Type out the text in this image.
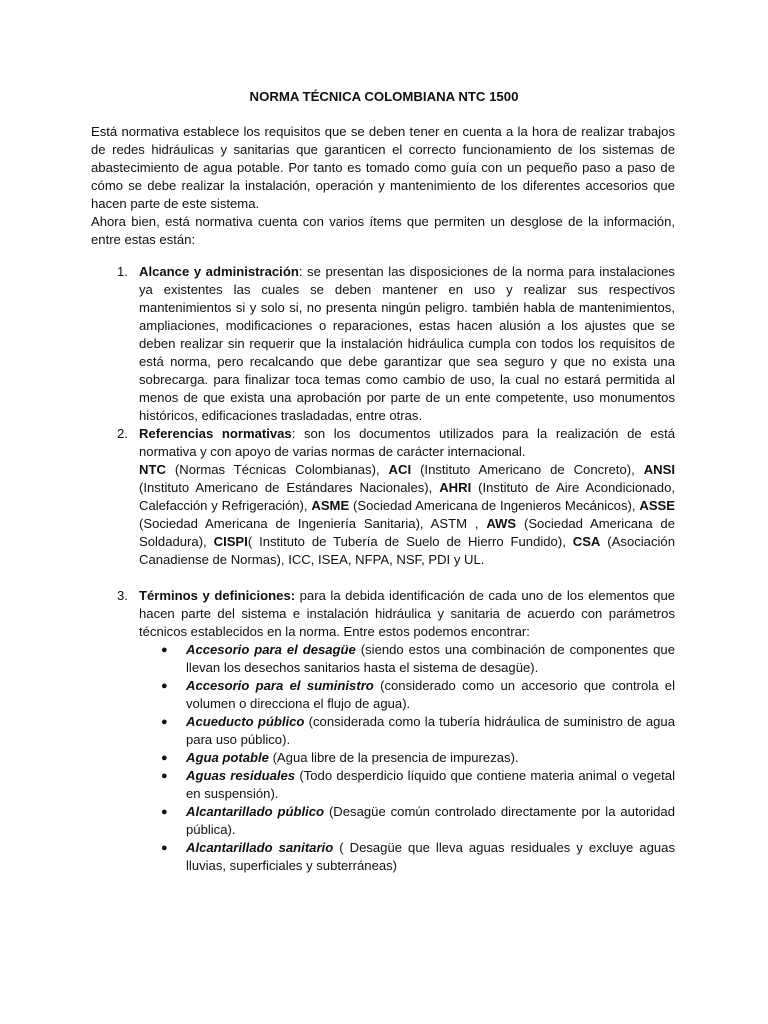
NORMA TÉCNICA COLOMBIANA NTC 1500

Está normativa establece los requisitos que se deben tener en cuenta a la hora de realizar trabajos de redes hidráulicas y sanitarias que garanticen el correcto funcionamiento de los sistemas de abastecimiento de agua potable. Por tanto es tomado como guía con un pequeño paso a paso de cómo se debe realizar la instalación, operación y mantenimiento de los diferentes accesorios que hacen parte de este sistema.

Ahora bien, está normativa cuenta con varios ítems que permiten un desglose de la información, entre estas están:

1. Alcance y administración: se presentan las disposiciones de la norma para instalaciones ya existentes las cuales se deben mantener en uso y realizar sus respectivos mantenimientos si y solo si, no presenta ningún peligro. también habla de mantenimientos, ampliaciones, modificaciones o reparaciones, estas hacen alusión a los ajustes que se deben realizar sin requerir que la instalación hidráulica cumpla con todos los requisitos de está norma, pero recalcando que debe garantizar que sea seguro y que no exista una sobrecarga. para finalizar toca temas como cambio de uso, la cual no estará permitida al menos de que exista una aprobación por parte de un ente competente, uso monumentos históricos, edificaciones trasladadas, entre otras.

2. Referencias normativas: son los documentos utilizados para la realización de está normativa y con apoyo de varias normas de carácter internacional.

NTC (Normas Técnicas Colombianas), ACI (Instituto Americano de Concreto), ANSI (Instituto Americano de Estándares Nacionales), AHRI (Instituto de Aire Acondicionado, Calefacción y Refrigeración), ASME (Sociedad Americana de Ingenieros Mecánicos), ASSE (Sociedad Americana de Ingeniería Sanitaria), ASTM , AWS (Sociedad Americana de Soldadura), CISPI( Instituto de Tubería de Suelo de Hierro Fundido), CSA (Asociación Canadiense de Normas), ICC, ISEA, NFPA, NSF, PDI y UL.

3. Términos y definiciones: para la debida identificación de cada uno de los elementos que hacen parte del sistema e instalación hidráulica y sanitaria de acuerdo con parámetros técnicos establecidos en la norma. Entre estos podemos encontrar:

● Accesorio para el desagüe (siendo estos una combinación de componentes que llevan los desechos sanitarios hasta el sistema de desagüe).
● Accesorio para el suministro (considerado como un accesorio que controla el volumen o direcciona el flujo de agua).
● Acueducto público (considerada como la tubería hidráulica de suministro de agua para uso público).
● Agua potable (Agua libre de la presencia de impurezas).
● Aguas residuales (Todo desperdicio líquido que contiene materia animal o vegetal en suspensión).
● Alcantarillado público (Desagüe común controlado directamente por la autoridad pública).
● Alcantarillado sanitario ( Desagüe que lleva aguas residuales y excluye aguas lluvias, superficiales y subterráneas)
